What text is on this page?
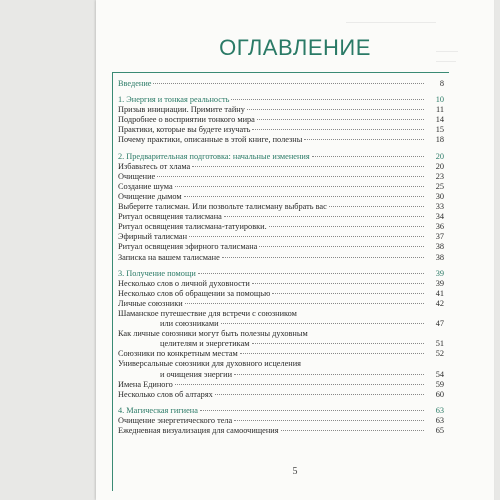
ОГЛАВЛЕНИЕ
Введение	8
1. Энергия и тонкая реальность	10
Призыв инициации. Примите тайну	11
Подробнее о восприятии тонкого мира	14
Практики, которые вы будете изучать	15
Почему практики, описанные в этой книге, полезны	18
2. Предварительная подготовка: начальные изменения	20
Избавьтесь от хлама	20
Очищение	23
Создание шума	25
Очищение дымом	30
Выберите талисман. Или позвольте талисману выбрать вас	33
Ритуал освящения талисмана	34
Ритуал освящения талисмана-татуировки.	36
Эфирный талисман	37
Ритуал освящения эфирного талисмана	38
Записка на вашем талисмане	38
3. Получение помощи	39
Несколько слов о личной духовности	39
Несколько слов об обращении за помощью	41
Личные союзники	42
Шаманское путешествие для встречи с союзником
или союзниками	47
Как личные союзники могут быть полезны духовным
целителям и энергетикам	51
Союзники по конкретным местам	52
Универсальные союзники для духовного исцеления
и очищения энергии	54
Имена Единого	59
Несколько слов об алтарях	60
4. Магическая гигиена	63
Очищение энергетического тела	63
Ежедневная визуализация для самоочищения	65
5
